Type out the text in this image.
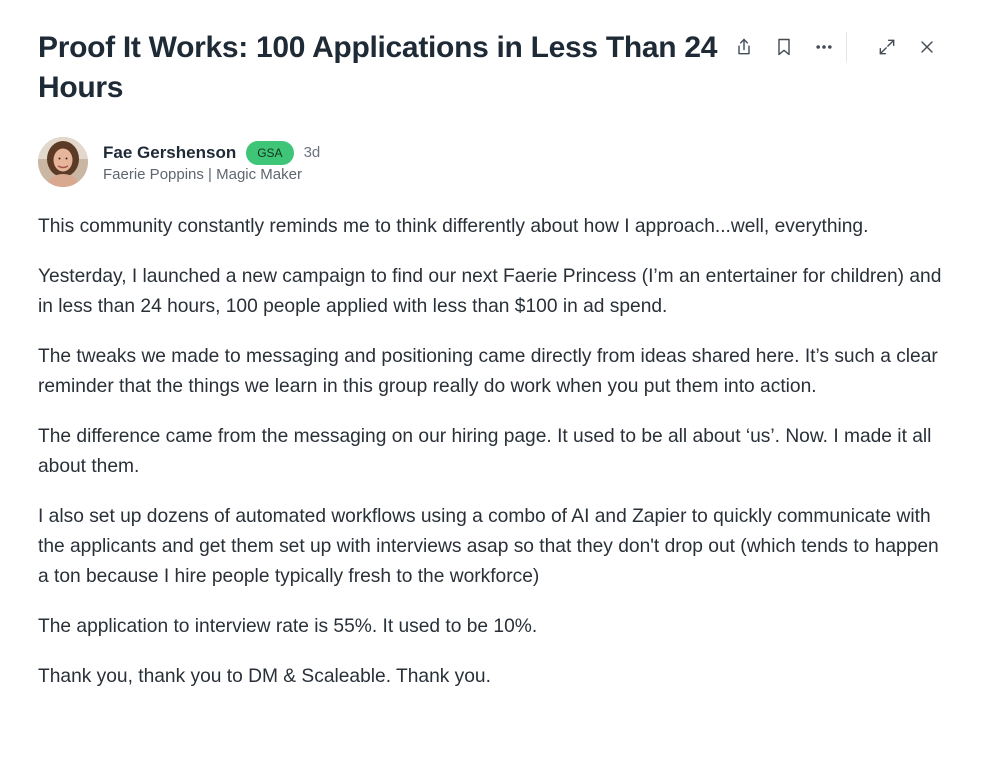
Proof It Works: 100 Applications in Less Than 24 Hours
Fae Gershenson	GSA	3d
Faerie Poppins | Magic Maker

This community constantly reminds me to think differently about how I approach...well, everything.

Yesterday, I launched a new campaign to find our next Faerie Princess (I’m an entertainer for children) and in less than 24 hours, 100 people applied with less than $100 in ad spend.

The tweaks we made to messaging and positioning came directly from ideas shared here. It’s such a clear reminder that the things we learn in this group really do work when you put them into action.

The difference came from the messaging on our hiring page. It used to be all about ‘us’. Now. I made it all about them.

I also set up dozens of automated workflows using a combo of AI and Zapier to quickly communicate with the applicants and get them set up with interviews asap so that they don't drop out (which tends to happen a ton because I hire people typically fresh to the workforce)

The application to interview rate is 55%. It used to be 10%.

Thank you, thank you to DM & Scaleable. Thank you.
